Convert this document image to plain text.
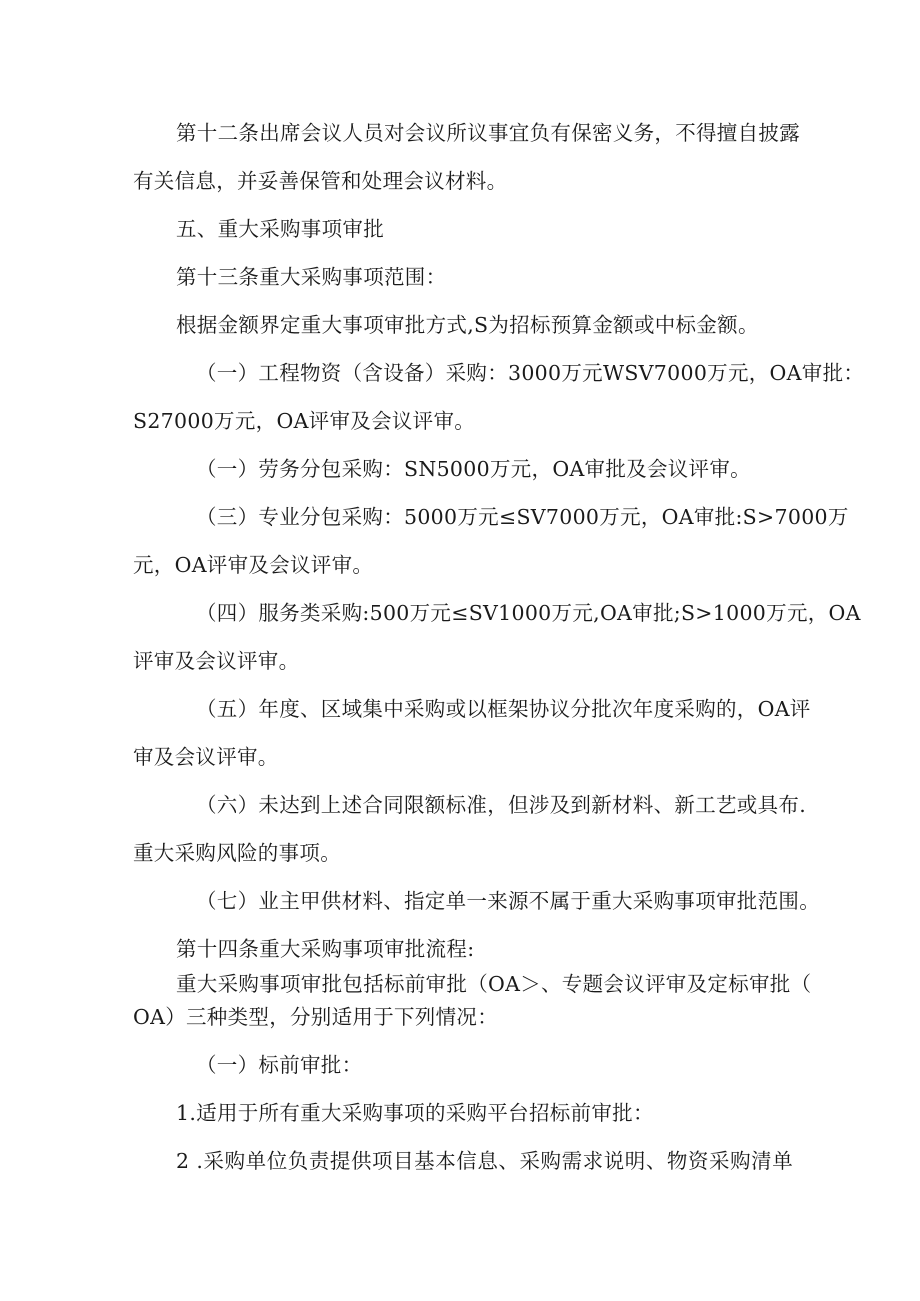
第十二条出席会议人员对会议所议事宜负有保密义务，不得擅自披露
有关信息，并妥善保管和处理会议材料。
五、重大采购事项审批
第十三条重大采购事项范围：
根据金额界定重大事项审批方式,S为招标预算金额或中标金额。
（一）工程物资（含设备）采购：3000万元WSV7000万元，OA审批：
S27000万元，OA评审及会议评审。
（一）劳务分包采购：SN5000万元，OA审批及会议评审。
（三）专业分包采购：5000万元≤SV7000万元，OA审批:S>7000万
元，OA评审及会议评审。
（四）服务类采购:500万元≤SV1000万元,OA审批;S>1000万元，OA
评审及会议评审。
（五）年度、区域集中采购或以框架协议分批次年度采购的，OA评
审及会议评审。
（六）未达到上述合同限额标准，但涉及到新材料、新工艺或具布.
重大采购风险的事项。
（七）业主甲供材料、指定单一来源不属于重大采购事项审批范围。
第十四条重大采购事项审批流程:
重大采购事项审批包括标前审批（OA＞、专题会议评审及定标审批（
OA）三种类型，分别适用于下列情况：
（一）标前审批：
1.适用于所有重大采购事项的采购平台招标前审批：
2 .采购单位负责提供项目基本信息、采购需求说明、物资采购清单
